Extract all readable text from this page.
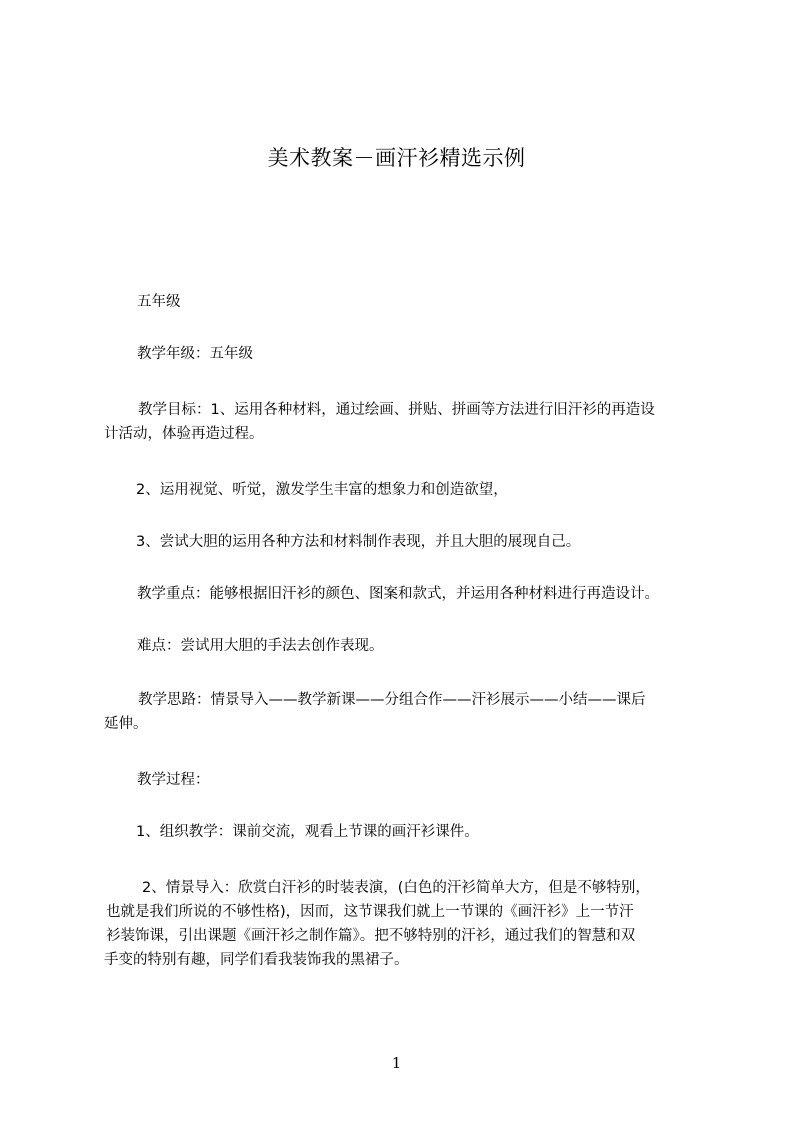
美术教案－画汗衫精选示例
五年级
教学年级：五年级
教学目标：1、运用各种材料，通过绘画、拼贴、拼画等方法进行旧汗衫的再造设
计活动，体验再造过程。
2、运用视觉、听觉，激发学生丰富的想象力和创造欲望，
3、尝试大胆的运用各种方法和材料制作表现，并且大胆的展现自己。
教学重点：能够根据旧汗衫的颜色、图案和款式，并运用各种材料进行再造设计。
难点：尝试用大胆的手法去创作表现。
教学思路：情景导入——教学新课——分组合作——汗衫展示——小结——课后
延伸。
教学过程：
1、组织教学：课前交流，观看上节课的画汗衫课件。
2、情景导入：欣赏白汗衫的时装表演，(白色的汗衫简单大方，但是不够特别，
也就是我们所说的不够性格)，因而，这节课我们就上一节课的《画汗衫》上一节汗
衫装饰课，引出课题《画汗衫之制作篇》。把不够特别的汗衫，通过我们的智慧和双
手变的特别有趣，同学们看我装饰我的黑裙子。
1
